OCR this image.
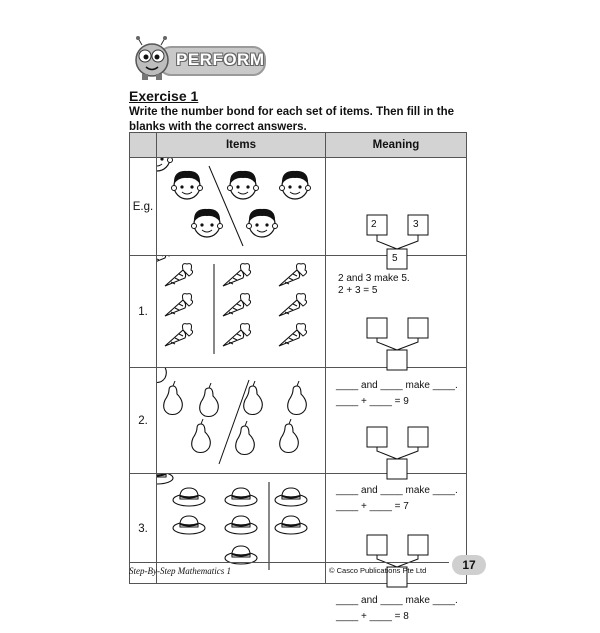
PERFORM
Exercise 1
Write the number bond for each set of items. Then fill in the blanks with the correct answers.
	Items	Meaning
E.g.		2 3
5
2 and 3 make 5.
2 + 3 = 5

1.		____ and ____ make ____.
____ + ____ = 9

2.		____ and ____ make ____.
____ + ____ = 7

3.		____ and ____ make ____.
____ + ____ = 8
Step-By-Step Mathematics 1	© Casco Publications Pte Ltd	17
